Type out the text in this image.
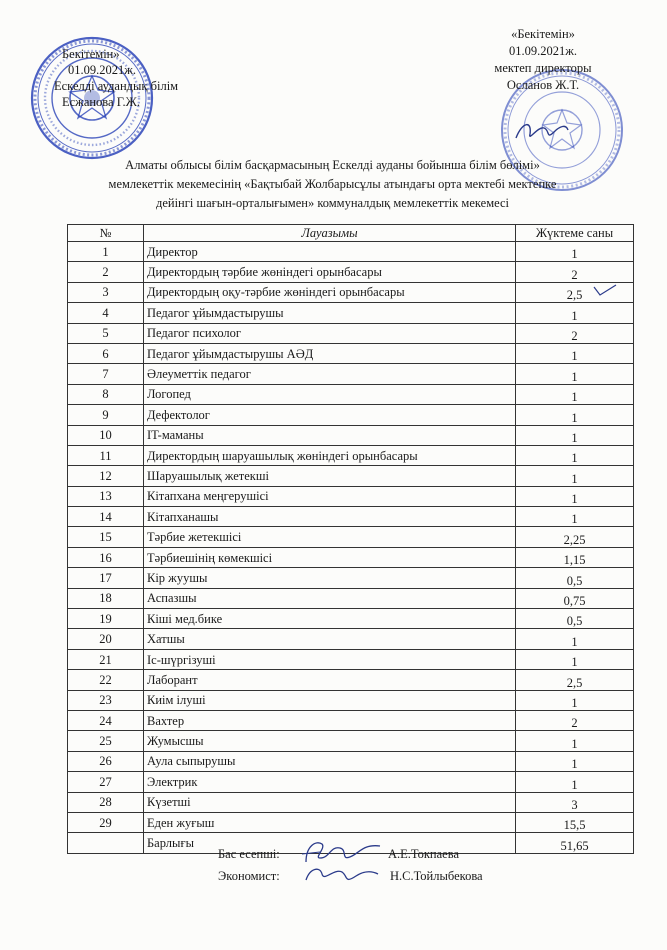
Бекітемін»
01.09.2021ж.
Ескелді аудандық білім
Есжанова Г.Ж.
«Бекітемін»
01.09.2021ж.
мектеп директоры
Осланов Ж.Т.
Алматы облысы білім басқармасының Ескелді ауданы бойынша білім бөлімі»
мемлекеттік мекемесінің «Бақтыбай Жолбарысұлы атындағы орта мектебі мектепке
дейінгі шағын-орталығымен» коммуналдық мемлекеттік мекемесі
№	Лауазымы	Жүктеме саны
1	Директор	1
2	Директордың тәрбие жөніндегі орынбасары	2
3	Директордың оқу-тәрбие жөніндегі орынбасары	2,5
4	Педагог ұйымдастырушы	1
5	Педагог психолог	2
6	Педагог ұйымдастырушы АӘД	1
7	Әлеуметтік педагог	1
8	Логопед	1
9	Дефектолог	1
10	IT-маманы	1
11	Директордың шаруашылық жөніндегі орынбасары	1
12	Шаруашылық жетекші	1
13	Кітапхана меңгерушісі	1
14	Кітапханашы	1
15	Тәрбие жетекшісі	2,25
16	Тәрбиешінің көмекшісі	1,15
17	Кір жуушы	0,5
18	Аспазшы	0,75
19	Кіші мед.бике	0,5
20	Хатшы	1
21	Іс-шүргізуші	1
22	Лаборант	2,5
23	Киім ілуші	1
24	Вахтер	2
25	Жумысшы	1
26	Аула сыпырушы	1
27	Электрик	1
28	Күзетші	3
29	Еден жуғыш	15,5
	Барлығы	51,65
Бас есепші:	А.Е.Токпаева
Экономист:	Н.С.Тойлыбекова
